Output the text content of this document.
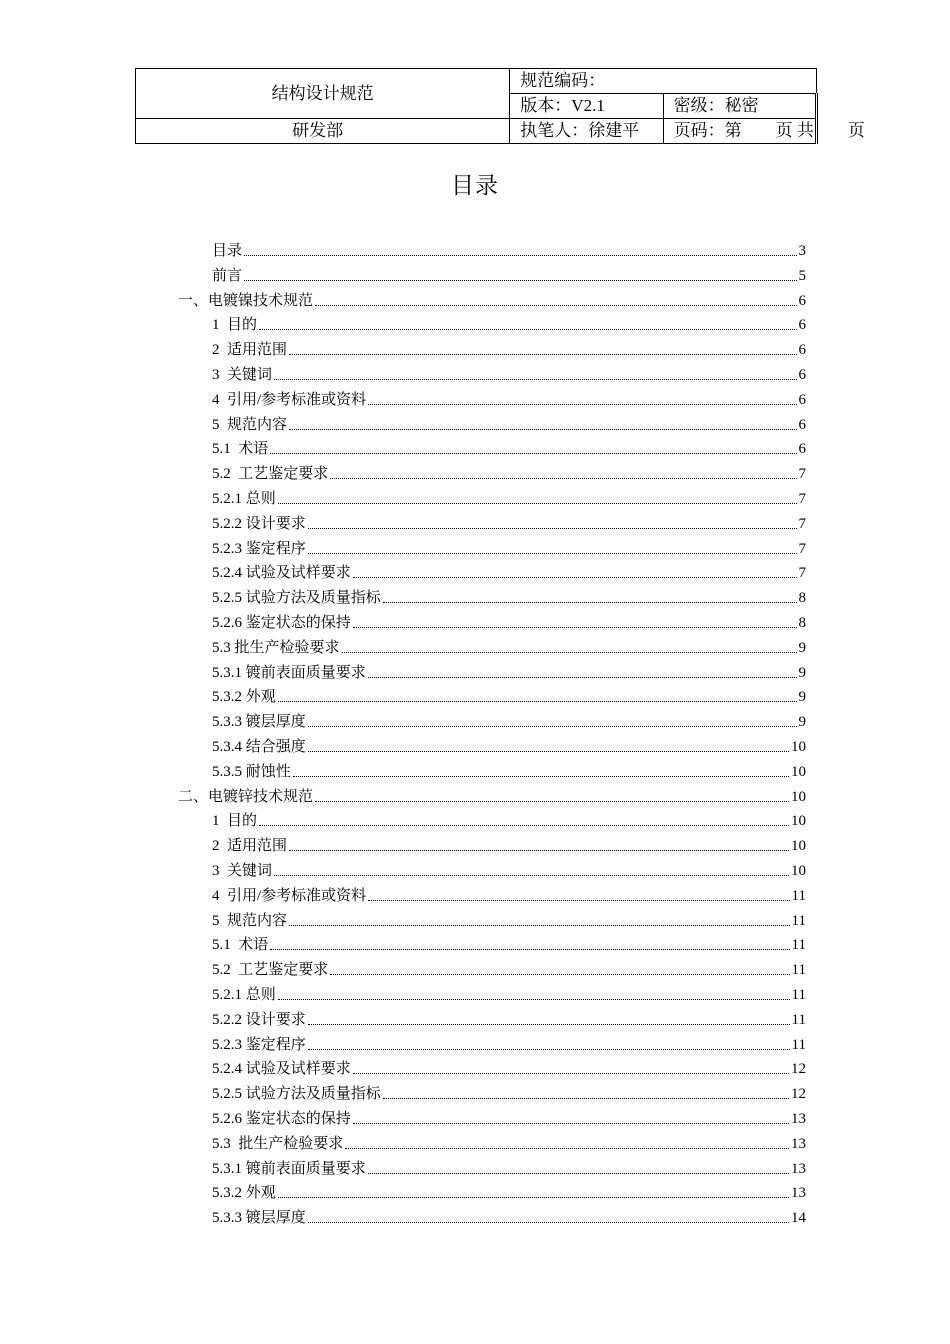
结构设计规范	规范编码：	
	版本：V2.1	密级：秘密
研发部	执笔人：徐建平	页码：第　　页 共　　页
目录
目录	3
前言	5
一、电镀镍技术规范	6
1  目的	6
2  适用范围	6
3  关键词	6
4  引用/参考标准或资料	6
5  规范内容	6
5.1  术语	6
5.2  工艺鉴定要求	7
5.2.1 总则	7
5.2.2 设计要求	7
5.2.3 鉴定程序	7
5.2.4 试验及试样要求	7
5.2.5 试验方法及质量指标	8
5.2.6 鉴定状态的保持	8
5.3 批生产检验要求	9
5.3.1 镀前表面质量要求	9
5.3.2 外观	9
5.3.3 镀层厚度	9
5.3.4 结合强度	10
5.3.5 耐蚀性	10
二、电镀锌技术规范	10
1  目的	10
2  适用范围	10
3  关键词	10
4  引用/参考标准或资料	11
5  规范内容	11
5.1  术语	11
5.2  工艺鉴定要求	11
5.2.1 总则	11
5.2.2 设计要求	11
5.2.3 鉴定程序	11
5.2.4 试验及试样要求	12
5.2.5 试验方法及质量指标	12
5.2.6 鉴定状态的保持	13
5.3  批生产检验要求	13
5.3.1 镀前表面质量要求	13
5.3.2 外观	13
5.3.3 镀层厚度	14
